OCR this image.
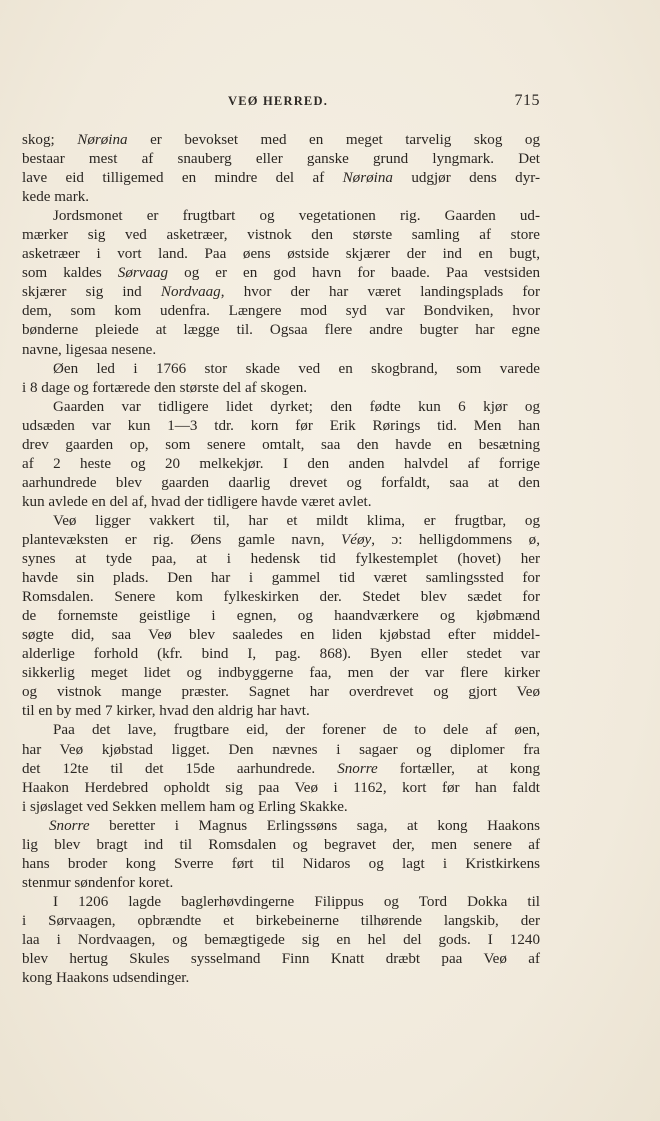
VEØ HERRED.	715
skog; Nørøina er bevokset med en meget tarvelig skog og
bestaar mest af snauberg eller ganske grund lyngmark. Det
lave eid tilligemed en mindre del af Nørøina udgjør dens dyr-
kede mark.
Jordsmonet er frugtbart og vegetationen rig. Gaarden ud-
mærker sig ved asketræer, vistnok den største samling af store
asketræer i vort land. Paa øens østside skjærer der ind en bugt,
som kaldes Sørvaag og er en god havn for baade. Paa vestsiden
skjærer sig ind Nordvaag, hvor der har været landingsplads for
dem, som kom udenfra. Længere mod syd var Bondviken, hvor
bønderne pleiede at lægge til. Ogsaa flere andre bugter har egne
navne, ligesaa nesene.
Øen led i 1766 stor skade ved en skogbrand, som varede
i 8 dage og fortærede den største del af skogen.
Gaarden var tidligere lidet dyrket; den fødte kun 6 kjør og
udsæden var kun 1—3 tdr. korn før Erik Rørings tid. Men han
drev gaarden op, som senere omtalt, saa den havde en besætning
af 2 heste og 20 melkekjør. I den anden halvdel af forrige
aarhundrede blev gaarden daarlig drevet og forfaldt, saa at den
kun avlede en del af, hvad der tidligere havde været avlet.
Veø ligger vakkert til, har et mildt klima, er frugtbar, og
plantevæksten er rig. Øens gamle navn, Véøy, ɔ: helligdommens ø,
synes at tyde paa, at i hedensk tid fylkestemplet (hovet) her
havde sin plads. Den har i gammel tid været samlingssted for
Romsdalen. Senere kom fylkeskirken der. Stedet blev sædet for
de fornemste geistlige i egnen, og haandværkere og kjøbmænd
søgte did, saa Veø blev saaledes en liden kjøbstad efter middel-
alderlige forhold (kfr. bind I, pag. 868). Byen eller stedet var
sikkerlig meget lidet og indbyggerne faa, men der var flere kirker
og vistnok mange præster. Sagnet har overdrevet og gjort Veø
til en by med 7 kirker, hvad den aldrig har havt.
Paa det lave, frugtbare eid, der forener de to dele af øen,
har Veø kjøbstad ligget. Den nævnes i sagaer og diplomer fra
det 12te til det 15de aarhundrede. Snorre fortæller, at kong
Haakon Herdebred opholdt sig paa Veø i 1162, kort før han faldt
i sjøslaget ved Sekken mellem ham og Erling Skakke.
Snorre beretter i Magnus Erlingssøns saga, at kong Haakons
lig blev bragt ind til Romsdalen og begravet der, men senere af
hans broder kong Sverre ført til Nidaros og lagt i Kristkirkens
stenmur søndenfor koret.
I 1206 lagde baglerhøvdingerne Filippus og Tord Dokka til
i Sørvaagen, opbrændte et birkebeinerne tilhørende langskib, der
laa i Nordvaagen, og bemægtigede sig en hel del gods. I 1240
blev hertug Skules sysselmand Finn Knatt dræbt paa Veø af
kong Haakons udsendinger.
